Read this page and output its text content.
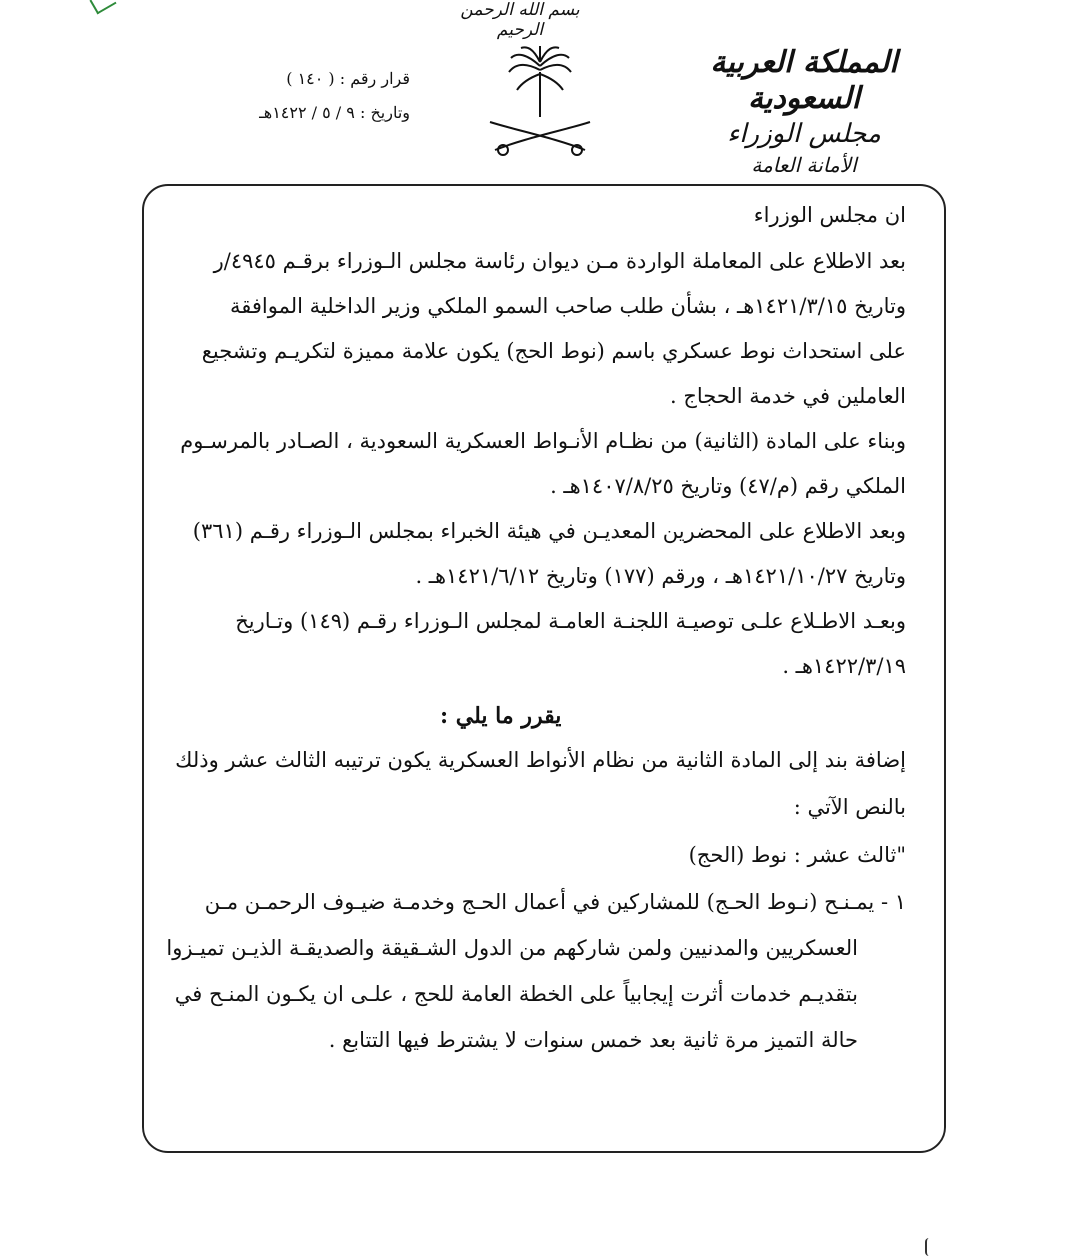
بسم الله الرحمن الرحيم
المملكة العربية السعودية
مجلس الوزراء
الأمانة العامة
قرار رقم : ( ١٤٠ )
وتاريخ : ٩ / ٥ / ١٤٢٢هـ
ان مجلس الوزراء
بعد الاطلاع على المعاملة الواردة مـن ديوان رئاسة مجلس الـوزراء برقـم ٤٩٤٥/ر
وتاريخ ١٤٢١/٣/١٥هـ ، بشأن طلب صاحب السمو الملكي وزير الداخلية الموافقة
على استحداث نوط عسكري باسم (نوط الحج) يكون علامة مميزة لتكريـم وتشجيع
العاملين في خدمة الحجاج .
وبناء على المادة (الثانية) من نظـام الأنـواط العسكرية السعودية ، الصـادر بالمرسـوم
الملكي رقم (م/٤٧) وتاريخ ١٤٠٧/٨/٢٥هـ .
وبعد الاطلاع على المحضرين المعديـن في هيئة الخبراء بمجلس الـوزراء رقـم (٣٦١)
وتاريخ ١٤٢١/١٠/٢٧هـ ، ورقم (١٧٧) وتاريخ ١٤٢١/٦/١٢هـ .
وبعـد الاطـلاع علـى توصيـة اللجنـة العامـة لمجلس الـوزراء رقـم (١٤٩) وتـاريخ
١٤٢٢/٣/١٩هـ .
يقرر ما يلي :
إضافة بند إلى المادة الثانية من نظام الأنواط العسكرية يكون ترتيبه الثالث عشر وذلك
بالنص الآتي :
"ثالث عشر : نوط (الحج)
١ - يمـنـح (نـوط الحـج) للمشاركين في أعمال الحـج وخدمـة ضيـوف الرحمـن مـن
العسكريين والمدنيين ولمن شاركهم من الدول الشـقيقة والصديقـة الذيـن تميـزوا
بتقديـم خدمات أثرت إيجابياً على الخطة العامة للحج ، علـى ان يكـون المنـح في
حالة التميز مرة ثانية بعد خمس سنوات لا يشترط فيها التتابع .
